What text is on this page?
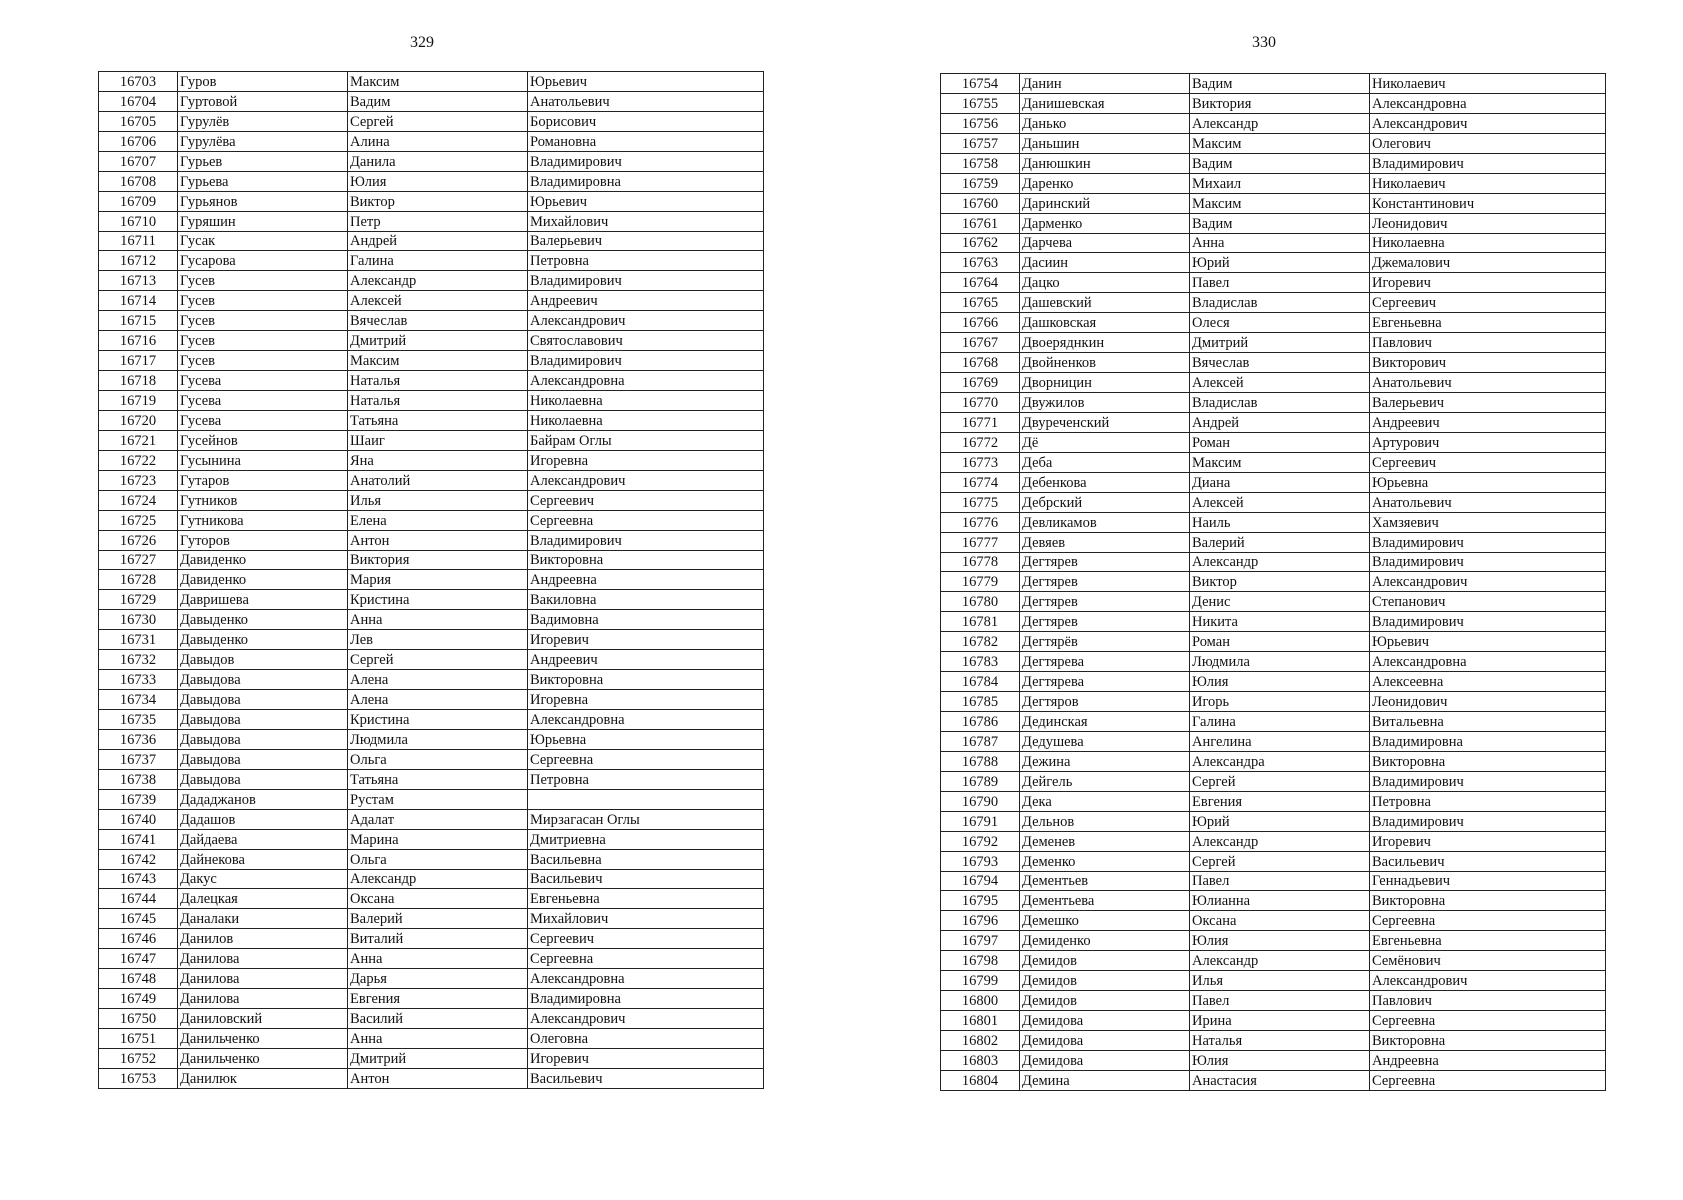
329
16703	Гуров	Максим	Юрьевич
16704	Гуртовой	Вадим	Анатольевич
16705	Гурулёв	Сергей	Борисович
16706	Гурулёва	Алина	Романовна
16707	Гурьев	Данила	Владимирович
16708	Гурьева	Юлия	Владимировна
16709	Гурьянов	Виктор	Юрьевич
16710	Гуряшин	Петр	Михайлович
16711	Гусак	Андрей	Валерьевич
16712	Гусарова	Галина	Петровна
16713	Гусев	Александр	Владимирович
16714	Гусев	Алексей	Андреевич
16715	Гусев	Вячеслав	Александрович
16716	Гусев	Дмитрий	Святославович
16717	Гусев	Максим	Владимирович
16718	Гусева	Наталья	Александровна
16719	Гусева	Наталья	Николаевна
16720	Гусева	Татьяна	Николаевна
16721	Гусейнов	Шаиг	Байрам Оглы
16722	Гусынина	Яна	Игоревна
16723	Гутаров	Анатолий	Александрович
16724	Гутников	Илья	Сергеевич
16725	Гутникова	Елена	Сергеевна
16726	Гуторов	Антон	Владимирович
16727	Давиденко	Виктория	Викторовна
16728	Давиденко	Мария	Андреевна
16729	Давришева	Кристина	Вакиловна
16730	Давыденко	Анна	Вадимовна
16731	Давыденко	Лев	Игоревич
16732	Давыдов	Сергей	Андреевич
16733	Давыдова	Алена	Викторовна
16734	Давыдова	Алена	Игоревна
16735	Давыдова	Кристина	Александровна
16736	Давыдова	Людмила	Юрьевна
16737	Давыдова	Ольга	Сергеевна
16738	Давыдова	Татьяна	Петровна
16739	Дададжанов	Рустам	
16740	Дадашов	Адалат	Мирзагасан Оглы
16741	Дайдаева	Марина	Дмитриевна
16742	Дайнекова	Ольга	Васильевна
16743	Дакус	Александр	Васильевич
16744	Далецкая	Оксана	Евгеньевна
16745	Даналаки	Валерий	Михайлович
16746	Данилов	Виталий	Сергеевич
16747	Данилова	Анна	Сергеевна
16748	Данилова	Дарья	Александровна
16749	Данилова	Евгения	Владимировна
16750	Даниловский	Василий	Александрович
16751	Данильченко	Анна	Олеговна
16752	Данильченко	Дмитрий	Игоревич
16753	Данилюк	Антон	Васильевич
330
16754	Данин	Вадим	Николаевич
16755	Данишевская	Виктория	Александровна
16756	Данько	Александр	Александрович
16757	Даньшин	Максим	Олегович
16758	Данюшкин	Вадим	Владимирович
16759	Даренко	Михаил	Николаевич
16760	Даринский	Максим	Константинович
16761	Дарменко	Вадим	Леонидович
16762	Дарчева	Анна	Николаевна
16763	Дасиин	Юрий	Джемалович
16764	Дацко	Павел	Игоревич
16765	Дашевский	Владислав	Сергеевич
16766	Дашковская	Олеся	Евгеньевна
16767	Двоеряднкин	Дмитрий	Павлович
16768	Двойненков	Вячеслав	Викторович
16769	Дворницин	Алексей	Анатольевич
16770	Двужилов	Владислав	Валерьевич
16771	Двуреченский	Андрей	Андреевич
16772	Дё	Роман	Артурович
16773	Деба	Максим	Сергеевич
16774	Дебенкова	Диана	Юрьевна
16775	Дебрский	Алексей	Анатольевич
16776	Девликамов	Наиль	Хамзяевич
16777	Девяев	Валерий	Владимирович
16778	Дегтярев	Александр	Владимирович
16779	Дегтярев	Виктор	Александрович
16780	Дегтярев	Денис	Степанович
16781	Дегтярев	Никита	Владимирович
16782	Дегтярёв	Роман	Юрьевич
16783	Дегтярева	Людмила	Александровна
16784	Дегтярева	Юлия	Алексеевна
16785	Дегтяров	Игорь	Леонидович
16786	Дединская	Галина	Витальевна
16787	Дедушева	Ангелина	Владимировна
16788	Дежина	Александра	Викторовна
16789	Дейгель	Сергей	Владимирович
16790	Дека	Евгения	Петровна
16791	Дельнов	Юрий	Владимирович
16792	Деменев	Александр	Игоревич
16793	Деменко	Сергей	Васильевич
16794	Дементьев	Павел	Геннадьевич
16795	Дементьева	Юлианна	Викторовна
16796	Демешко	Оксана	Сергеевна
16797	Демиденко	Юлия	Евгеньевна
16798	Демидов	Александр	Семёнович
16799	Демидов	Илья	Александрович
16800	Демидов	Павел	Павлович
16801	Демидова	Ирина	Сергеевна
16802	Демидова	Наталья	Викторовна
16803	Демидова	Юлия	Андреевна
16804	Демина	Анастасия	Сергеевна
